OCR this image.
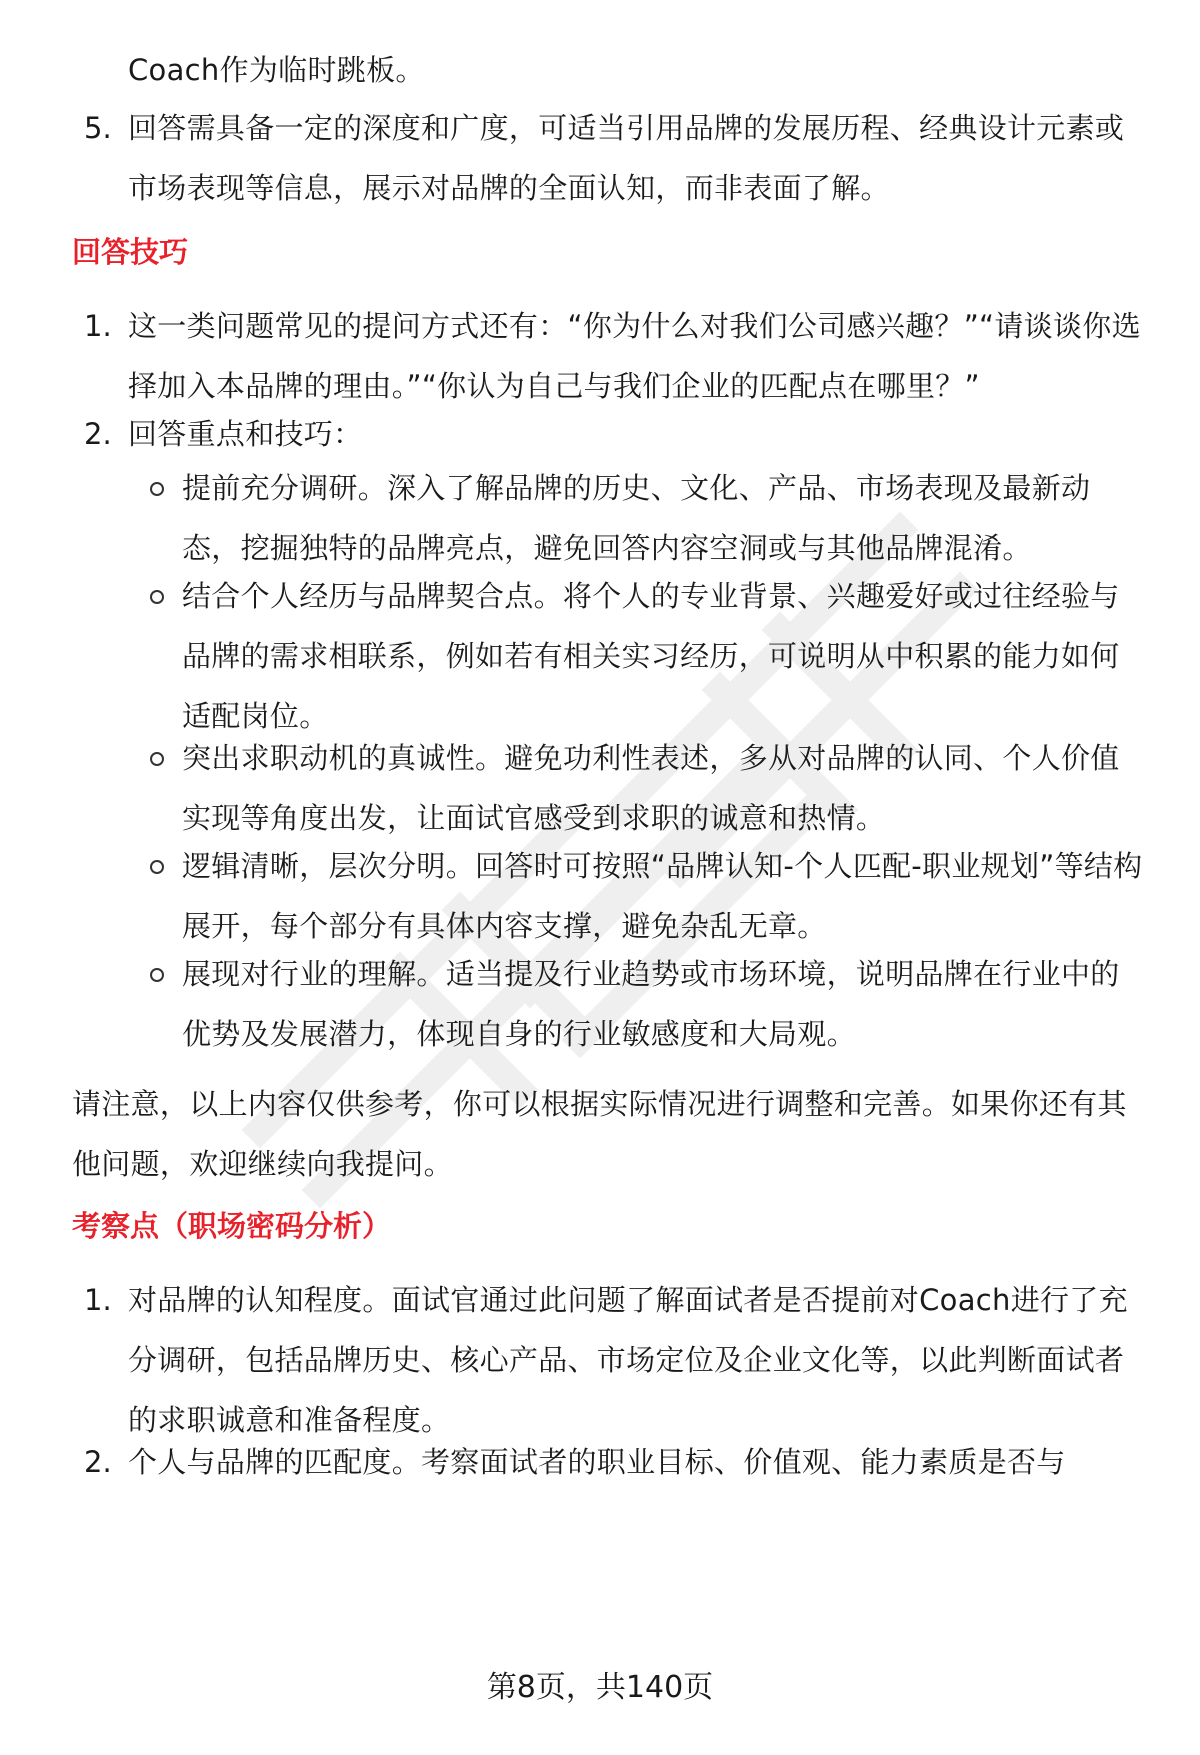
Coach作为临时跳板。
5. 回答需具备一定的深度和广度，可适当引用品牌的发展历程、经典设计元素或市场表现等信息，展示对品牌的全面认知，而非表面了解。
回答技巧
1. 这一类问题常见的提问方式还有：“你为什么对我们公司感兴趣？”“请谈谈你选择加入本品牌的理由。”“你认为自己与我们企业的匹配点在哪里？”
2. 回答重点和技巧：
提前充分调研。深入了解品牌的历史、文化、产品、市场表现及最新动态，挖掘独特的品牌亮点，避免回答内容空洞或与其他品牌混淆。
结合个人经历与品牌契合点。将个人的专业背景、兴趣爱好或过往经验与品牌的需求相联系，例如若有相关实习经历，可说明从中积累的能力如何适配岗位。
突出求职动机的真诚性。避免功利性表述，多从对品牌的认同、个人价值实现等角度出发，让面试官感受到求职的诚意和热情。
逻辑清晰，层次分明。回答时可按照“品牌认知-个人匹配-职业规划”等结构展开，每个部分有具体内容支撑，避免杂乱无章。
展现对行业的理解。适当提及行业趋势或市场环境，说明品牌在行业中的优势及发展潜力，体现自身的行业敏感度和大局观。
请注意，以上内容仅供参考，你可以根据实际情况进行调整和完善。如果你还有其他问题，欢迎继续向我提问。
考察点（职场密码分析）
1. 对品牌的认知程度。面试官通过此问题了解面试者是否提前对Coach进行了充分调研，包括品牌历史、核心产品、市场定位及企业文化等，以此判断面试者的求职诚意和准备程度。
2. 个人与品牌的匹配度。考察面试者的职业目标、价值观、能力素质是否与
第8页，共140页
